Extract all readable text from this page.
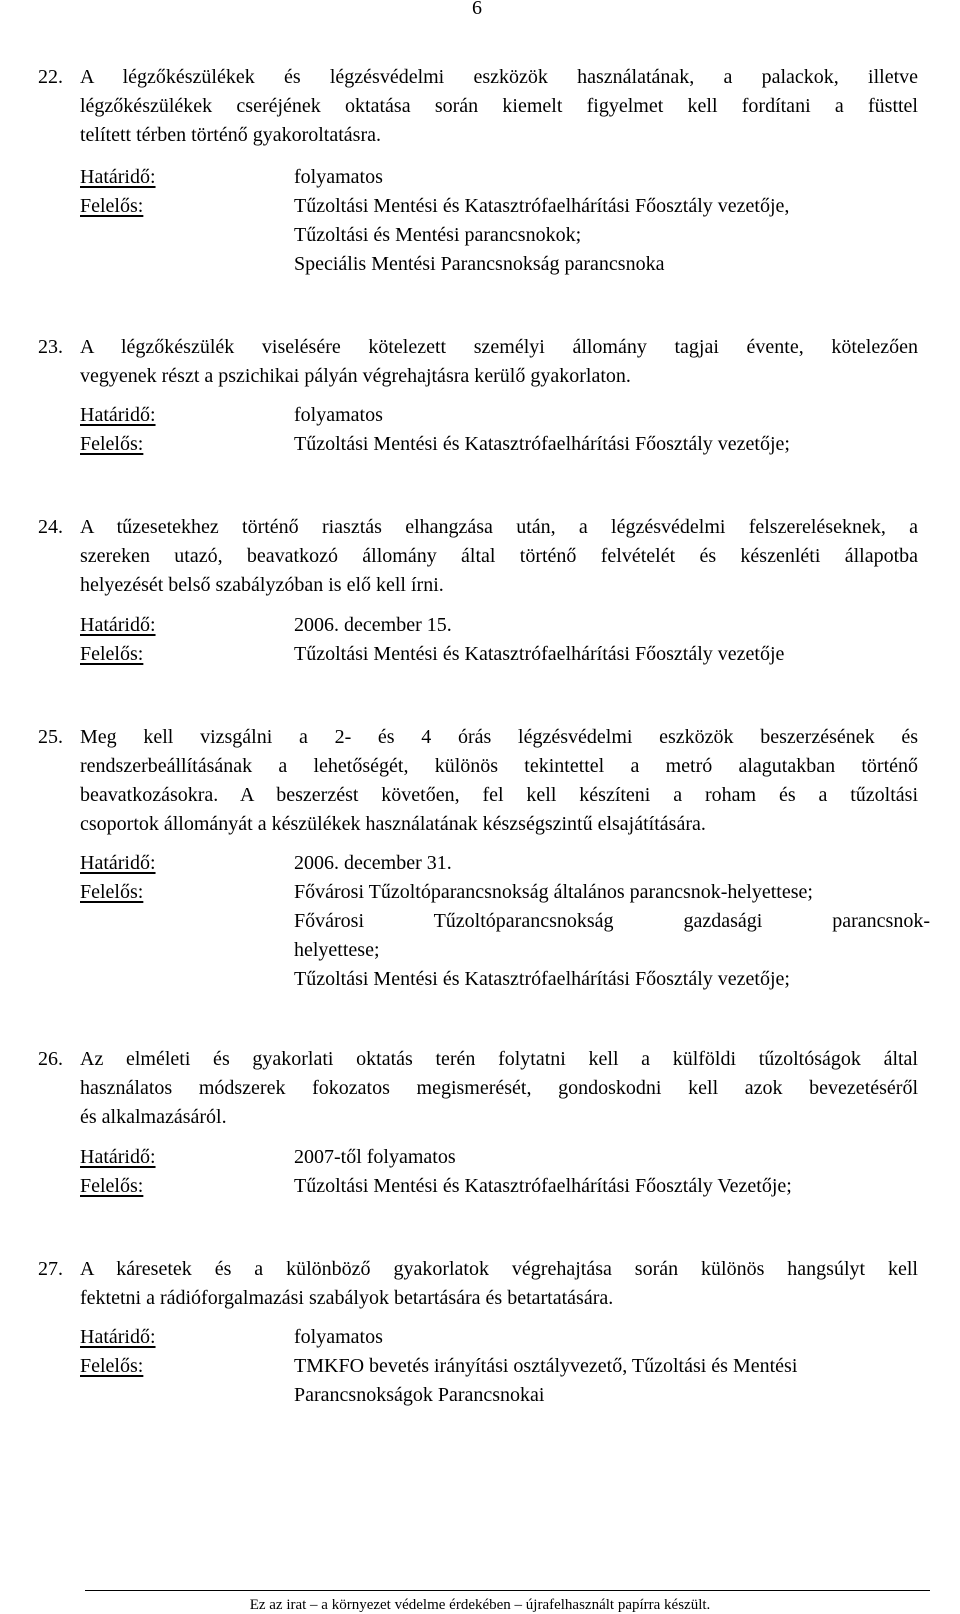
6
22. A légzőkészülékek és légzésvédelmi eszközök használatának, a palackok, illetve

légzőkészülékek cseréjének oktatása során kiemelt figyelmet kell fordítani a füsttel

telített térben történő gyakoroltatásra.

Határidő:	folyamatos
Felelős:	Tűzoltási Mentési és Katasztrófaelhárítási Főosztály vezetője,
Tűzoltási és Mentési parancsnokok;
Speciális Mentési Parancsnokság parancsnoka
23. A légzőkészülék viselésére kötelezett személyi állomány tagjai évente, kötelezően

vegyenek részt a pszichikai pályán végrehajtásra kerülő gyakorlaton.

Határidő:	folyamatos
Felelős:	Tűzoltási Mentési és Katasztrófaelhárítási Főosztály vezetője;
24. A tűzesetekhez történő riasztás elhangzása után, a légzésvédelmi felszereléseknek, a

szereken utazó, beavatkozó állomány által történő felvételét és készenléti állapotba

helyezését belső szabályzóban is elő kell írni.

Határidő:	2006. december 15.
Felelős:	Tűzoltási Mentési és Katasztrófaelhárítási Főosztály vezetője
25. Meg kell vizsgálni a 2- és 4 órás légzésvédelmi eszközök beszerzésének és

rendszerbeállításának a lehetőségét, különös tekintettel a metró alagutakban történő

beavatkozásokra. A beszerzést követően, fel kell készíteni a roham és a tűzoltási

csoportok állományát a készülékek használatának készségszintű elsajátítására.

Határidő:	2006. december 31.
Felelős:	Fővárosi Tűzoltóparancsnokság általános parancsnok-helyettese;
Fővárosi Tűzoltóparancsnokság gazdasági parancsnok-
helyettese;
Tűzoltási Mentési és Katasztrófaelhárítási Főosztály vezetője;
26. Az elméleti és gyakorlati oktatás terén folytatni kell a külföldi tűzoltóságok által

használatos módszerek fokozatos megismerését, gondoskodni kell azok bevezetéséről

és alkalmazásáról.

Határidő:	2007-től folyamatos
Felelős:	Tűzoltási Mentési és Katasztrófaelhárítási Főosztály Vezetője;
27. A káresetek és a különböző gyakorlatok végrehajtása során különös hangsúlyt kell

fektetni a rádióforgalmazási szabályok betartására és betartatására.

Határidő:	folyamatos
Felelős:	TMKFO bevetés irányítási osztályvezető, Tűzoltási és Mentési
Parancsnokságok Parancsnokai
Ez az irat – a környezet védelme érdekében – újrafelhasznált papírra készült.
